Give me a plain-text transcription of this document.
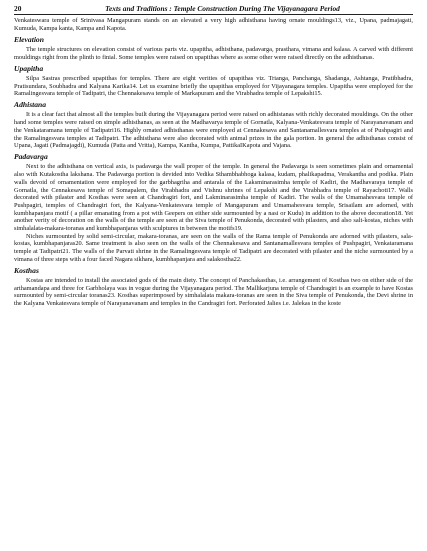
20	Texts and Traditions : Temple Construction During The Vijayanagara Period

Venkateswara temple of Srinivasa Mangapuram stands on an elevated a very high adhisthana having ornate mouldings13, viz., Upana, padmajagati, Kumuda, Kampa kanta, Kampa and Kapota.

Elevation

The temple structures on elevation consist of various parts viz. upapitha, adhisthana, padavarga, prasthara, vimana and kalasa. A carved with different mouldings right from the plinth to finial. Some temples were raised on upapithas where as some other were raised directly on the adhisthanas.

Upapitha

Silpa Sastras prescribed upapithas for temples. There are eight verities of upapithas viz. Trianga, Panchanga, Shadanga, Ashtanga, Pratibhadra, Pratisundara, Soubhadra and Kalyana Karika14. Let us examine briefly the upapithas employed for Vijayanagara temples. Upapitha were employed for the Ramalingesvara temple of Tadipatri, the Chennakesava temple of Markapuram and the Virabhadra temple of Lepakshi15.

Adhistana

It is a clear fact that almost all the temples built during the Vijayanagara period were raised on adhistanas with richly decorated mouldings. On the other hand some temples were raised on simple adhisthanas, as seen at the Madhavarya temple of Gornatla, Kalyana-Venkatesvara temple of Narayanavanam and the Venkataramana temple of Tadipatri16. Highly ornated adhisthanas were employed at Cennakesava and Santanamallesvara temples at of Pushpagiri and the Ramalingesvara temples at Tadipatri. The adhisthana were also decorated with animal prizes in the gala portion. In general the adhisthanas consist of Upana, Jagati (Padmajagdi), Kumuda (Patta and Vritta), Kampa, Kantha, Kumpa, PattikaIKapota and Vajana.

Padavarga

Next to the adhisthana on vertical axis, is padavarga the wall proper of the temple. In general the Padavarga is seen sometimes plain and ornamental also with Kutakostha lakshana. The Padavarga portion is devided into Vedika Sthambhabhoga kalasa, kudam, phalikapadma, Verakantha and podika. Plain walls devoid of ornamentation were employed for the garbhagriha and antarala of the Laksminarasimha temple of Kadiri, the Madhavaraya temple of Gornatla, the Cennakesava temple of Somapalem, the Virabhadra and Vishnu shrines of Lepakshi and the Virabhadra temple of Rayachoti17. Walls decorated with pilaster and Kosthas were seen at Chandragiri fort, and Lakminarasimha temple of Kadiri. The walls of the Umamahesvara temple of Pushpagiri, temples of Chandragiri fort, the Kalyana-Venkatesvara temple of Mangapuram and Umamahesvara temple, Srisailam are adorned, with kumbhapanjara motif ( a pillar emanating from a pot with Geepers on either side surmounted by a nasi or Kudu) in addition to the above decoration18. Yet another verity of decoration on the walls of the temple are seen at the Siva temple of Penukonda, decorated with pilasters, and also salt-kostas, niches with simhalalata-makara-toranas and kumbhapanjaras with sculptures in between the motifs19.

Niches surmounted by solid semi-circular, makara-toranas, are seen on the walls of the Rama temple of Penukonda are adorned with pilasters, sala-kostas, kumbhapanjaras20. Same treatment is also seen on the walls of the Chennakesava and Santanamallesvara temples of Pushpagiri, Venkataramana temple at Tadipatri21. The walls of the Parvati shrine in the Ramalingesvara temple of Tadipatri are decorated with pilaster and the niche surmounted by a vimana of three steps with a four faced Nagara sikhara, kumbhapanjara and salakostha22.

Kosthas

Kostas are intended to install the associated gods of the main diety. The concept of Panchakasthas, i.e. arrangement of Kosthas two on either side of the arthamandapa and three for Garbholaya was in vogue during the Vijayanagara period. The Mallikarjuna temple of Chandragiri is an example to have Kostas surmounted by semi-circular toranas23. Kosthas superimposed by simhalalata makara-toranas are seen in the Siva temple of Penukonda, the Devi shrine in the Kalyana Venkatesvara temple of Narayanavanam and temples in the Candragiri fort. Perforated Jalies i.e. Jalekas in the koste
